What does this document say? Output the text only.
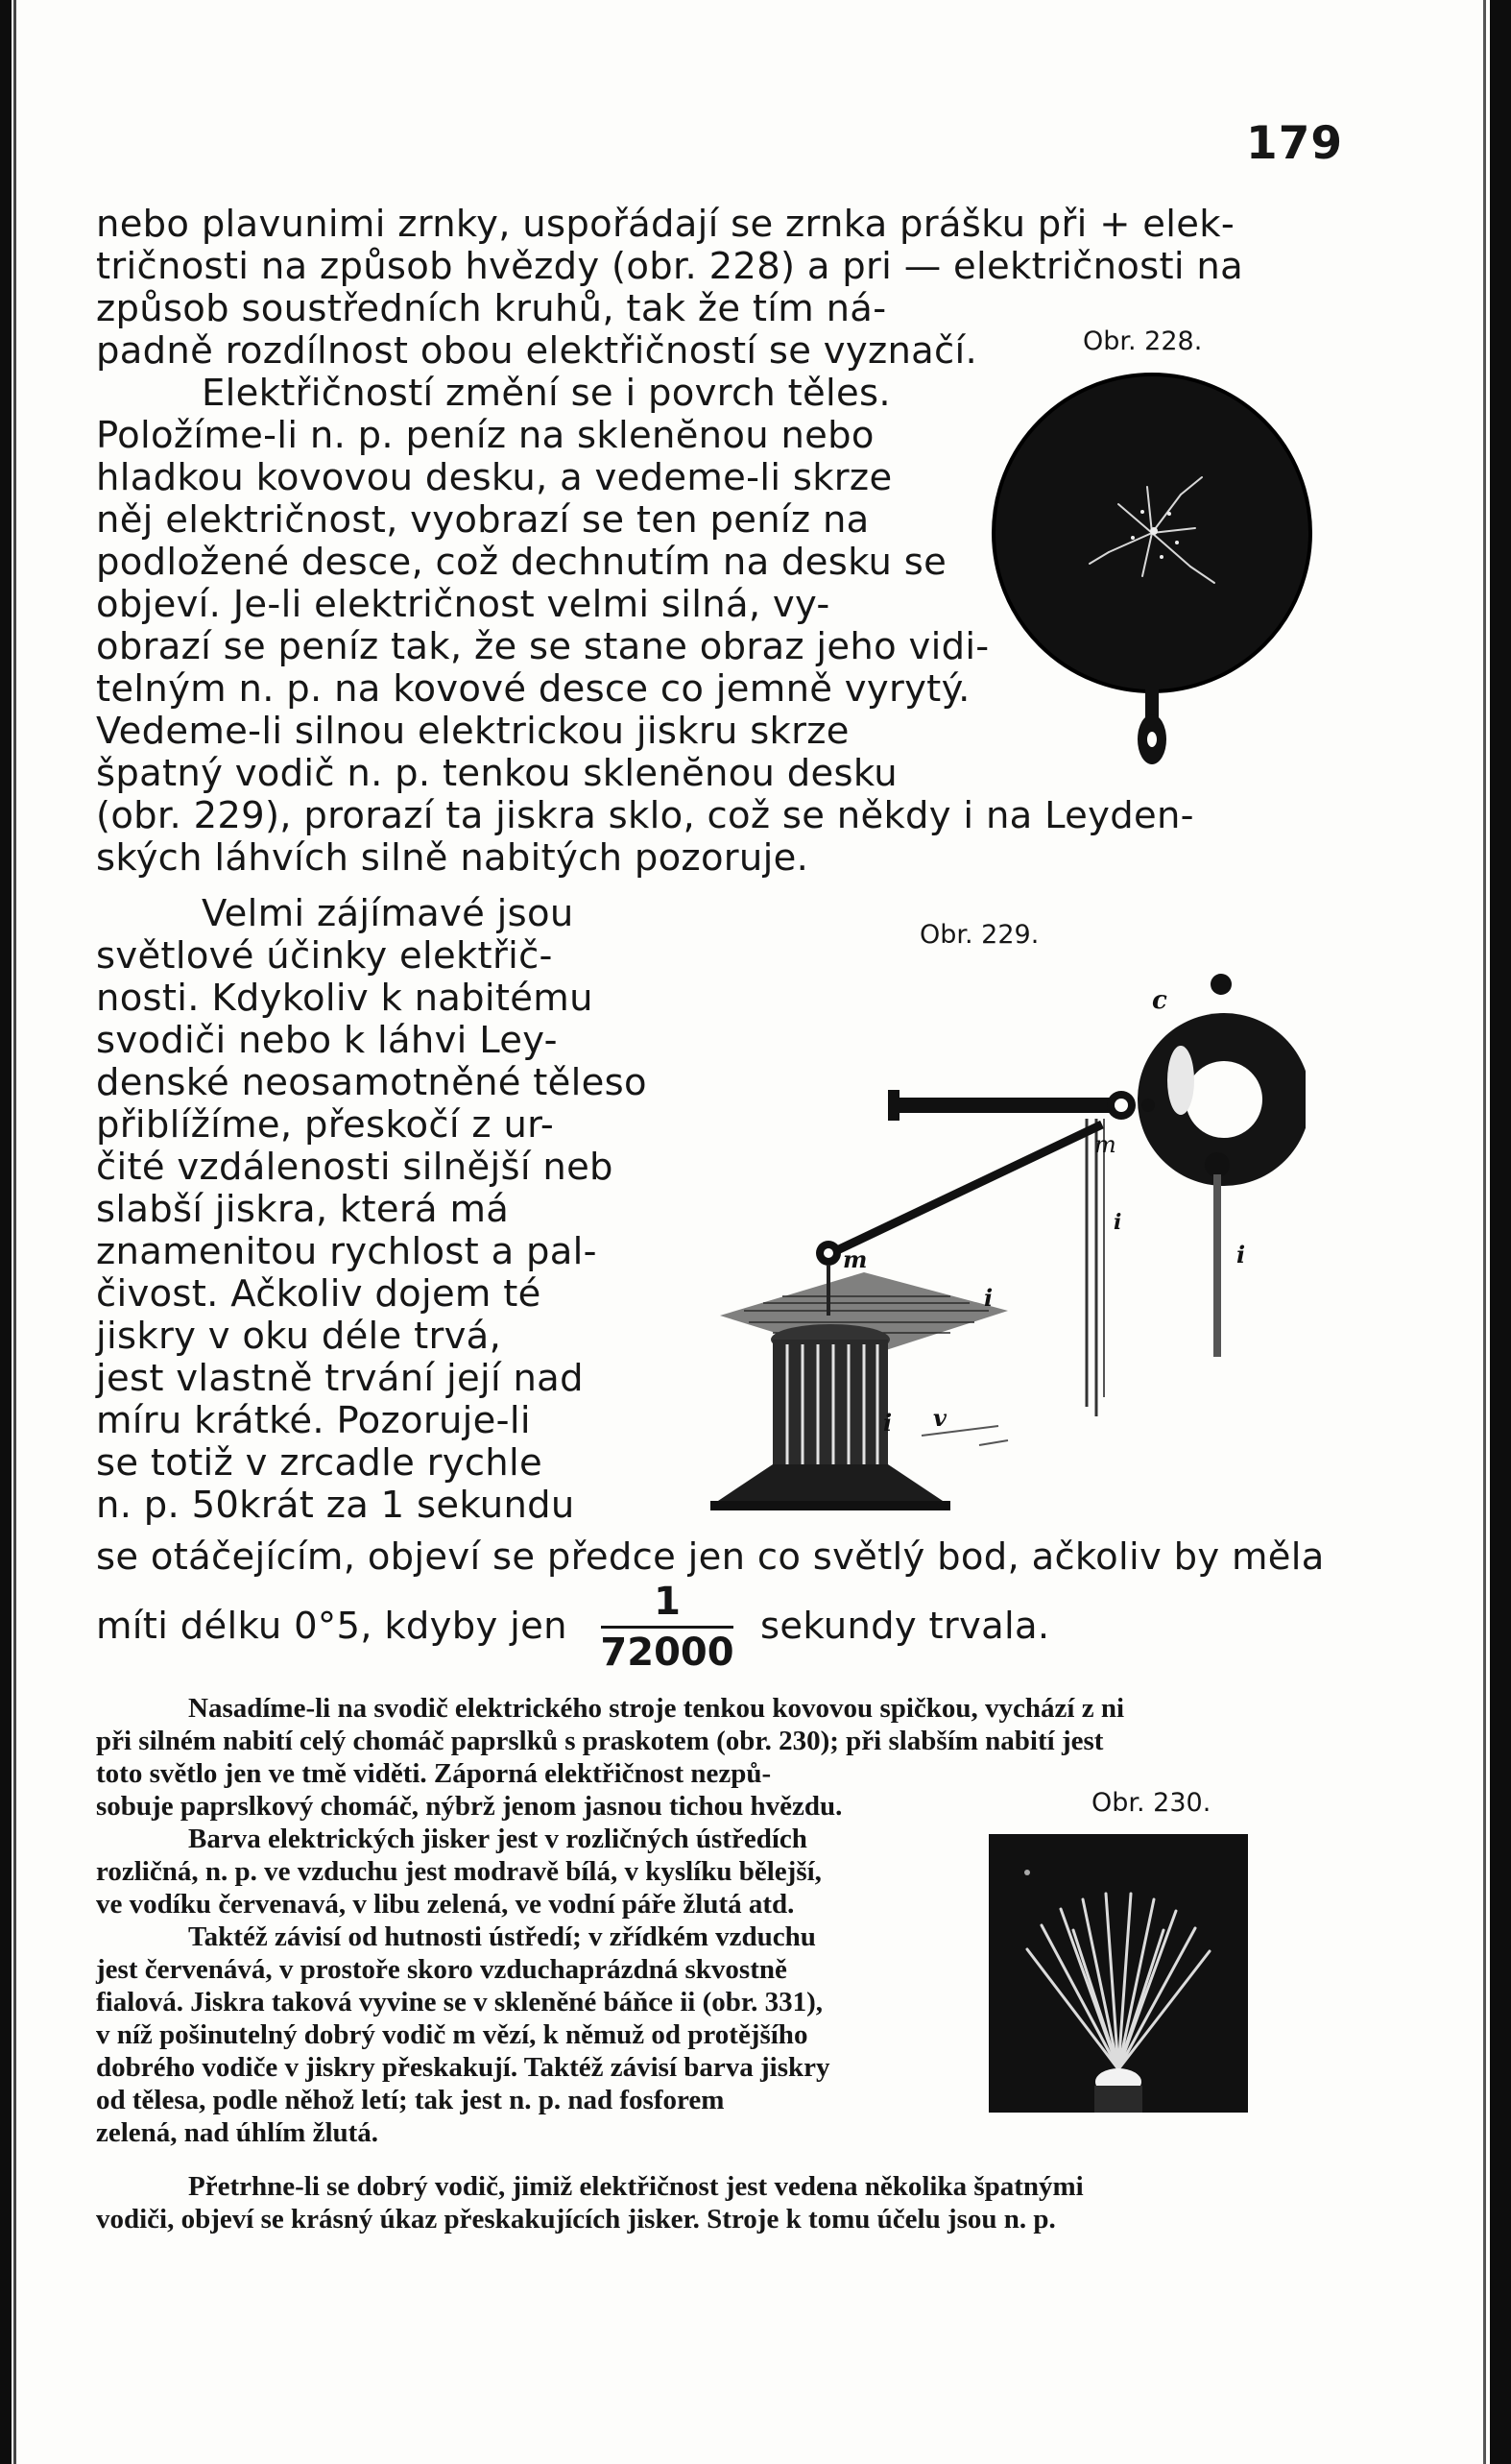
179
nebo plavunimi zrnky, uspořádají se zrnka prášku při + elek-
tričnosti na způsob hvězdy (obr. 228) a pri — električnosti na
způsob soustředních kruhů, tak že tím ná-
padně rozdílnost obou elektřičností se vyznačí.
Elektřičností změní se i povrch těles.
Položíme-li n. p. peníz na sklenĕnou nebo
hladkou kovovou desku, a vedeme-li skrze
něj električnost, vyobrazí se ten peníz na
podložené desce, což dechnutím na desku se
objeví. Je-li električnost velmi silná, vy-
obrazí se peníz tak, že se stane obraz jeho vidi-
telným n. p. na kovové desce co jemně vyrytý.
Vedeme-li silnou elektrickou jiskru skrze
špatný vodič n. p. tenkou sklenĕnou desku
(obr. 229), prorazí ta jiskra sklo, což se někdy i na Leyden-
ských láhvích silně nabitých pozoruje.
Velmi zájímavé jsou
světlové účinky elektřič-
nosti. Kdykoliv k nabitému
svodiči nebo k láhvi Ley-
denské neosamotněné těleso
přiblížíme, přeskočí z ur-
čité vzdálenosti silnější neb
slabší jiskra, která má
znamenitou rychlost a pal-
čivost. Ačkoliv dojem té
jiskry v oku déle trvá,
jest vlastně trvání její nad
míru krátké. Pozoruje-li
se totiž v zrcadle rychle
n. p. 50krát za 1 sekundu
se otáčejícím, objeví se předce jen co světlý bod, ačkoliv by měla
míti délku 0°5, kdyby jen
1
72000
sekundy trvala.
Nasadíme-li na svodič elektrického stroje tenkou kovovou spičkou, vychází z ni
při silném nabití celý chomáč paprslků s praskotem (obr. 230); při slabším nabití jest
toto světlo jen ve tmě viděti. Záporná elektřičnost nezpů-
sobuje paprslkový chomáč, nýbrž jenom jasnou tichou hvězdu.
Barva elektrických jisker jest v rozličných ústředích
rozličná, n. p. ve vzduchu jest modravě bílá, v kyslíku bělejší,
ve vodíku červenavá, v libu zelená, ve vodní páře žlutá atd.
Taktéž závisí od hutnosti ústředí; v zřídkém vzduchu
jest červenává, v prostoře skoro vzduchaprázdná skvostně
fialová. Jiskra taková vyvine se v skleněné báňce ii (obr. 331),
v níž pošinutelný dobrý vodič m vězí, k němuž od protějšího
dobrého vodiče v jiskry přeskakují. Taktéž závisí barva jiskry
od tělesa, podle něhož letí; tak jest n. p. nad fosforem
zelená, nad úhlím žlutá.
Přetrhne-li se dobrý vodič, jimiž elektřičnost jest vedena několika špatnými
vodiči, objeví se krásný úkaz přeskakujících jisker. Stroje k tomu účelu jsou n. p.
Obr. 228.
Obr. 229.
c
m
m
i
i
i
i v
Obr. 230.
